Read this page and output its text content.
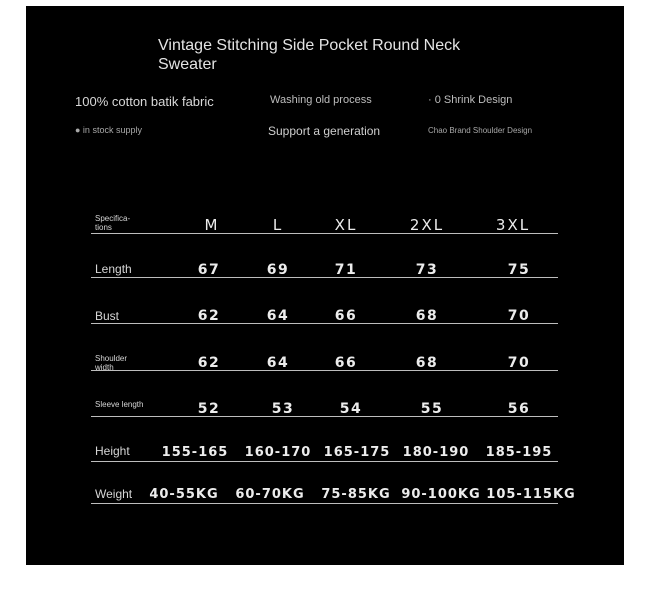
Vintage Stitching Side Pocket Round Neck Sweater
100% cotton batik fabric	Washing old process	· 0 Shrink Design
● in stock supply	Support a generation	Chao Brand Shoulder Design
Specifica-tions	M	L	XL	2XL	3XL
Length	67	69	71	73	75
Bust	62	64	66	68	70
Shoulder width	62	64	66	68	70
Sleeve length	52	53	54	55	56
Height 155-165 160-170 165-175 180-190 185-195
Weight 40-55KG 60-70KG 75-85KG 90-100KG 105-115KG
